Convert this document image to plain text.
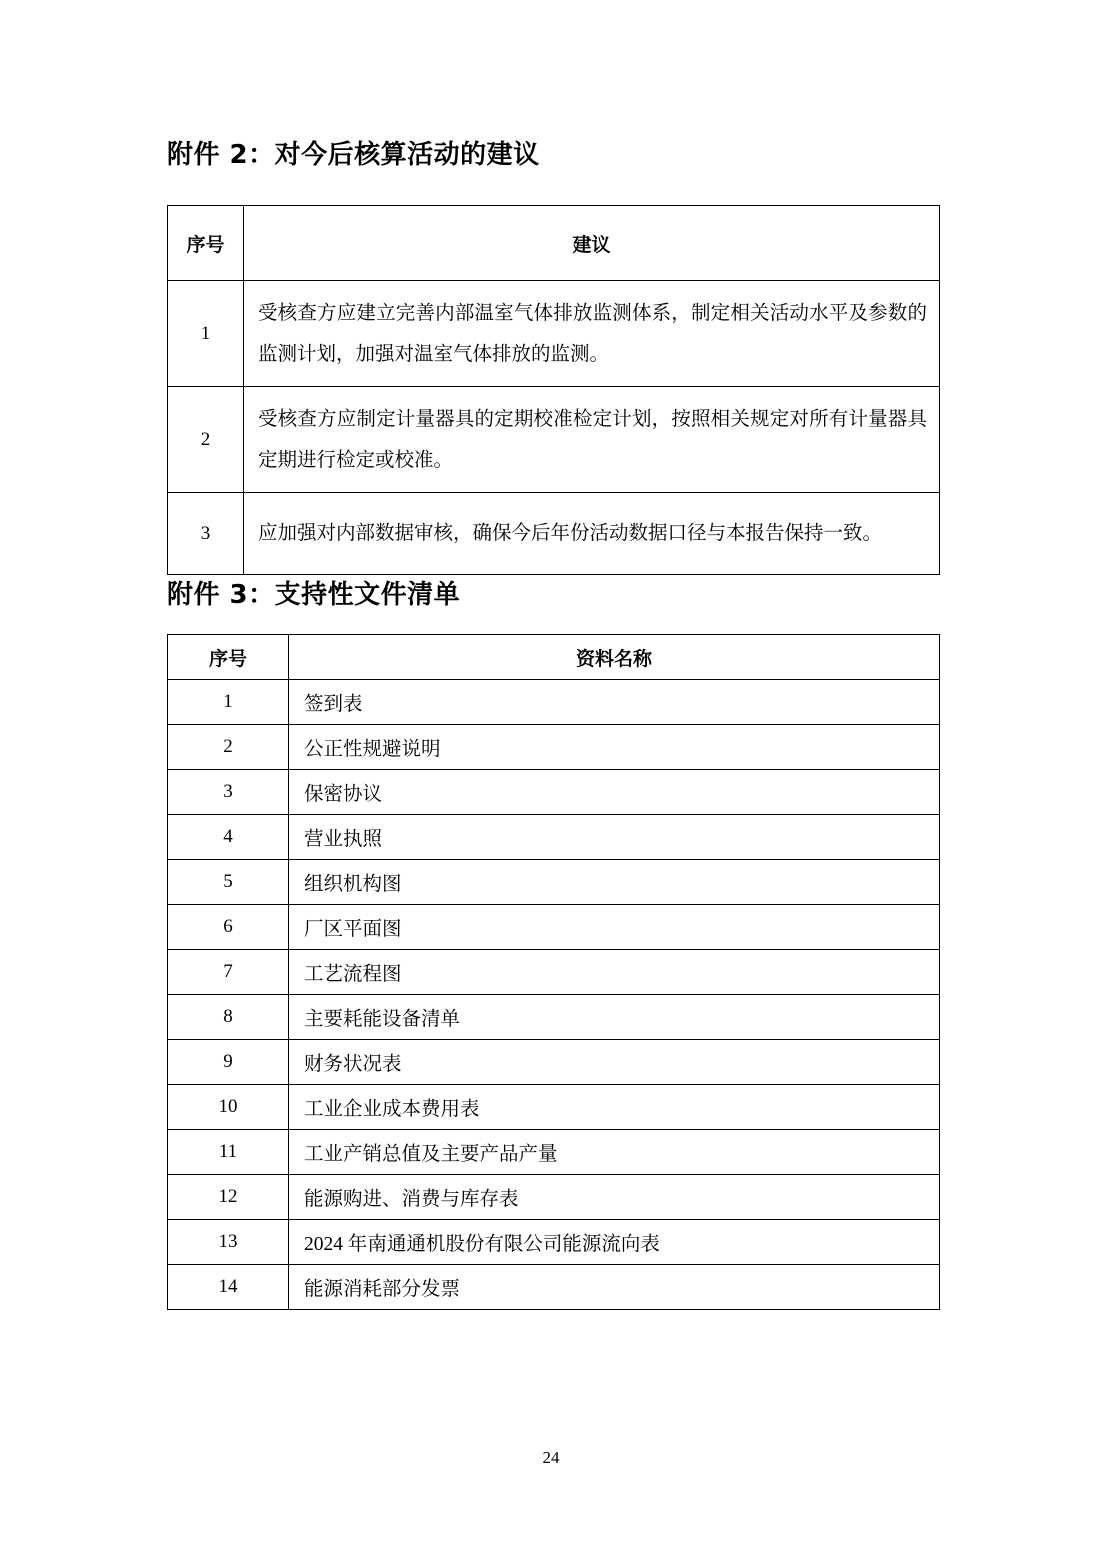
附件 2：对今后核算活动的建议
序号	建议
1	受核查方应建立完善内部温室气体排放监测体系，制定相关活动水平及参数的监测计划，加强对温室气体排放的监测。
2	受核查方应制定计量器具的定期校准检定计划，按照相关规定对所有计量器具定期进行检定或校准。
3	应加强对内部数据审核，确保今后年份活动数据口径与本报告保持一致。
附件 3：支持性文件清单
序号	资料名称
1	签到表
2	公正性规避说明
3	保密协议
4	营业执照
5	组织机构图
6	厂区平面图
7	工艺流程图
8	主要耗能设备清单
9	财务状况表
10	工业企业成本费用表
11	工业产销总值及主要产品产量
12	能源购进、消费与库存表
13	2024 年南通通机股份有限公司能源流向表
14	能源消耗部分发票
24
